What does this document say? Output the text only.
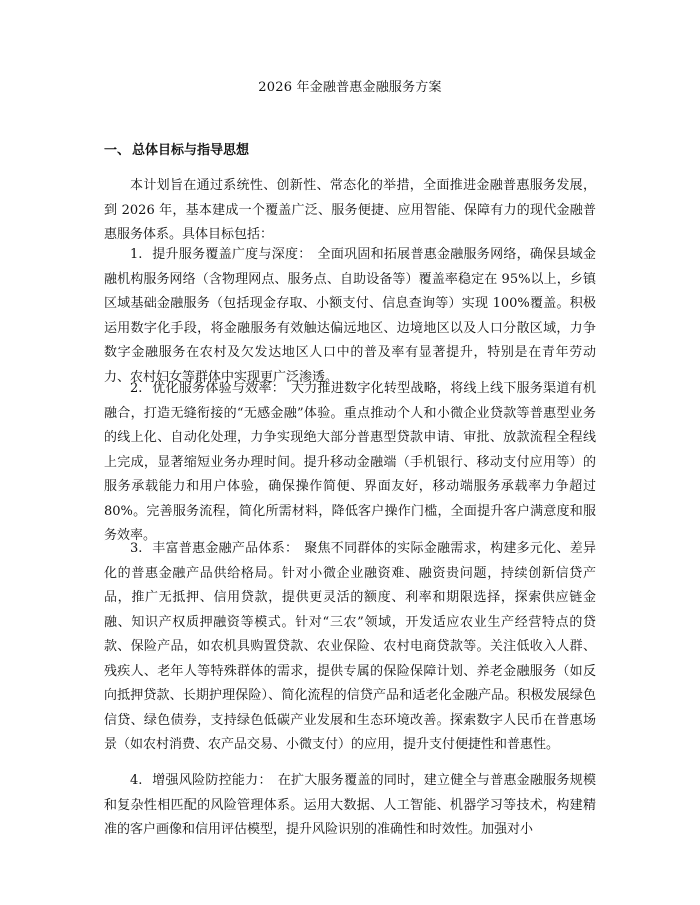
2026 年金融普惠金融服务方案
一、 总体目标与指导思想

本计划旨在通过系统性、创新性、常态化的举措，全面推进金融普惠服务发展，到 2026 年，基本建成一个覆盖广泛、服务便捷、应用智能、保障有力的现代金融普惠服务体系。具体目标包括：

1. 提升服务覆盖广度与深度： 全面巩固和拓展普惠金融服务网络，确保县域金融机构服务网络（含物理网点、服务点、自助设备等）覆盖率稳定在 95%以上，乡镇区域基础金融服务（包括现金存取、小额支付、信息查询等）实现 100%覆盖。积极运用数字化手段，将金融服务有效触达偏远地区、边境地区以及人口分散区域，力争数字金融服务在农村及欠发达地区人口中的普及率有显著提升，特别是在青年劳动力、农村妇女等群体中实现更广泛渗透。

2. 优化服务体验与效率： 大力推进数字化转型战略，将线上线下服务渠道有机融合，打造无缝衔接的“无感金融”体验。重点推动个人和小微企业贷款等普惠型业务的线上化、自动化处理，力争实现绝大部分普惠型贷款申请、审批、放款流程全程线上完成，显著缩短业务办理时间。提升移动金融端（手机银行、移动支付应用等）的服务承载能力和用户体验，确保操作简便、界面友好，移动端服务承载率力争超过 80%。完善服务流程，简化所需材料，降低客户操作门槛，全面提升客户满意度和服务效率。

3. 丰富普惠金融产品体系： 聚焦不同群体的实际金融需求，构建多元化、差异化的普惠金融产品供给格局。针对小微企业融资难、融资贵问题，持续创新信贷产品，推广无抵押、信用贷款，提供更灵活的额度、利率和期限选择，探索供应链金融、知识产权质押融资等模式。针对“三农”领域，开发适应农业生产经营特点的贷款、保险产品，如农机具购置贷款、农业保险、农村电商贷款等。关注低收入人群、残疾人、老年人等特殊群体的需求，提供专属的保险保障计划、养老金融服务（如反向抵押贷款、长期护理保险）、简化流程的信贷产品和适老化金融产品。积极发展绿色信贷、绿色债券，支持绿色低碳产业发展和生态环境改善。探索数字人民币在普惠场景（如农村消费、农产品交易、小微支付）的应用，提升支付便捷性和普惠性。

4. 增强风险防控能力： 在扩大服务覆盖的同时，建立健全与普惠金融服务规模和复杂性相匹配的风险管理体系。运用大数据、人工智能、机器学习等技术，构建精准的客户画像和信用评估模型，提升风险识别的准确性和时效性。加强对小
